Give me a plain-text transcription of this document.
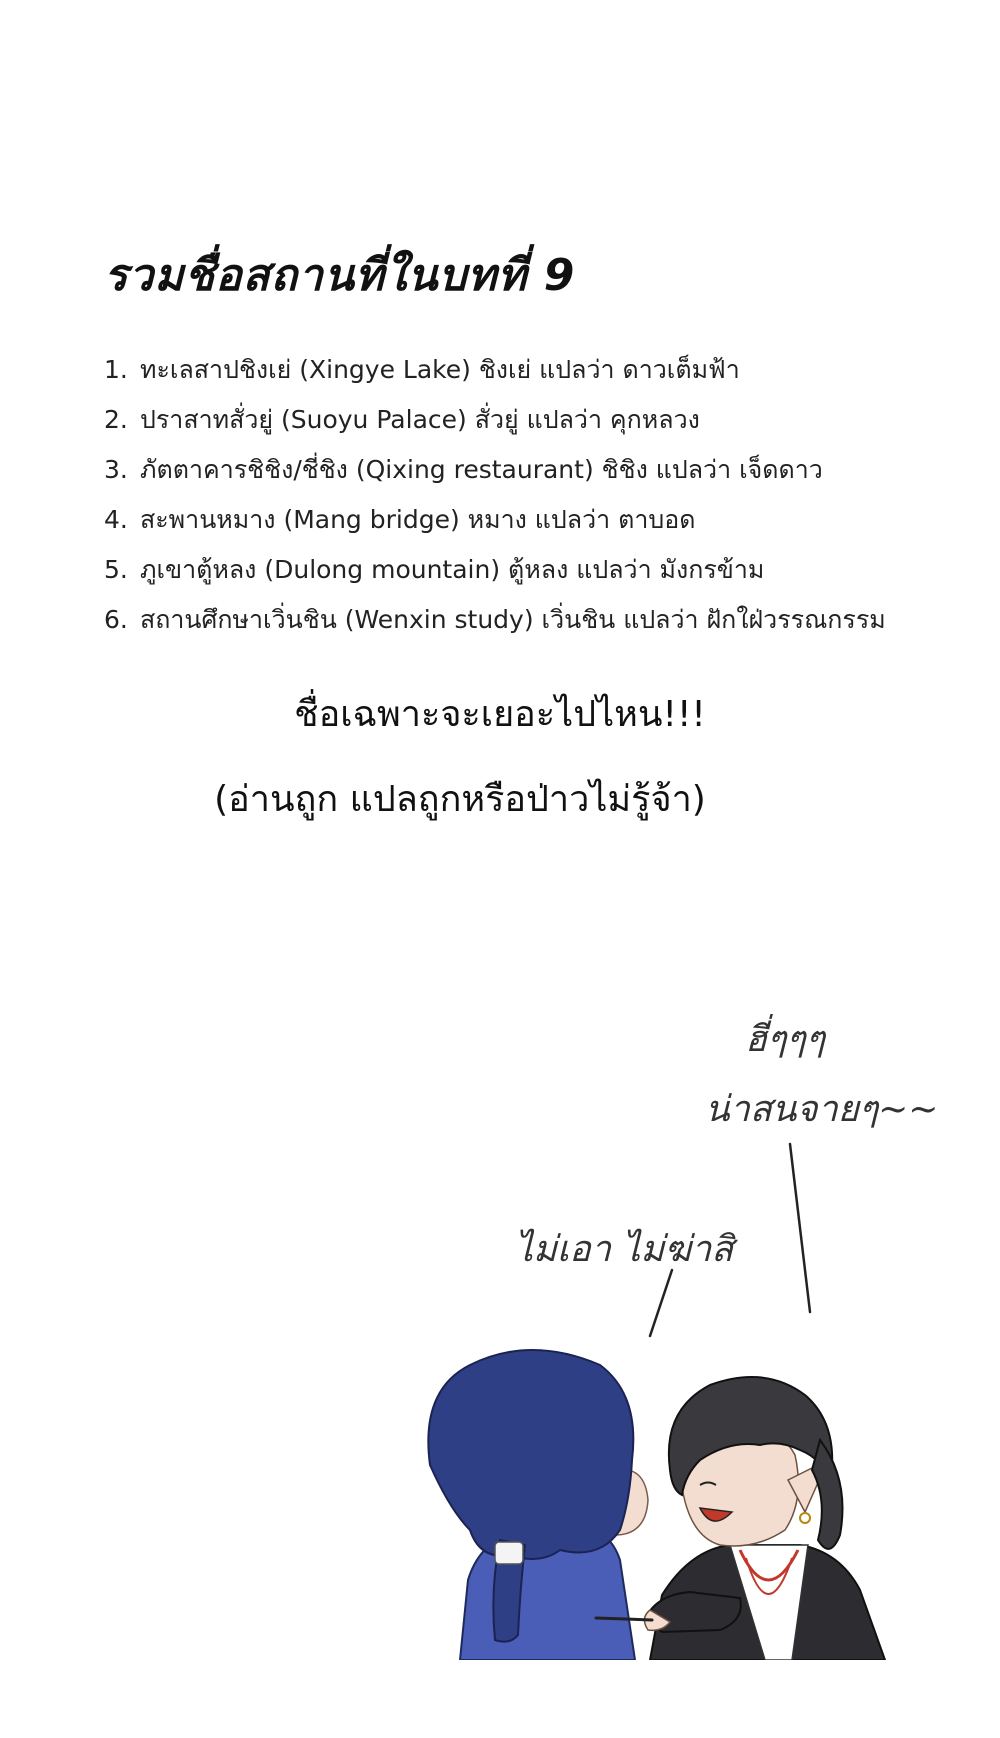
รวมชื่อสถานที่ในบทที่ 9
1. ทะเลสาปชิงเย่ (Xingye Lake) ชิงเย่ แปลว่า ดาวเต็มฟ้า
2. ปราสาทสั่วยู่ (Suoyu Palace) สั่วยู่ แปลว่า คุกหลวง
3. ภัตตาคารชิชิง/ชี่ชิง (Qixing restaurant) ชิชิง แปลว่า เจ็ดดาว
4. สะพานหมาง (Mang bridge) หมาง แปลว่า ตาบอด
5. ภูเขาตู้หลง (Dulong mountain) ตู้หลง แปลว่า มังกรข้าม
6. สถานศึกษาเวิ่นชิน (Wenxin study) เวิ่นชิน แปลว่า ฝักใฝ่วรรณกรรม
ชื่อเฉพาะจะเยอะไปไหน!!!
(อ่านถูก แปลถูกหรือป่าวไม่รู้จ้า)
ฮี่ๆๆๆ
น่าสนจายๆ~~
ไม่เอา ไม่ฆ่าสิ
